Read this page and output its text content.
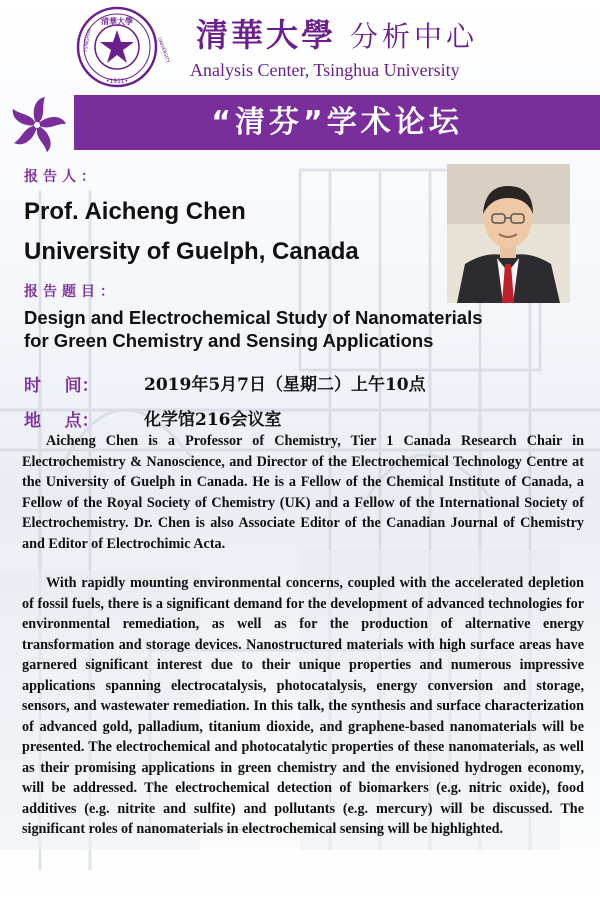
清華大學
TSINGHUA	UNIVERSITY
•1911•
清華大學 分析中心
Analysis Center, Tsinghua University
“清芬”学术论坛
报告人：
Prof. Aicheng Chen
University of Guelph, Canada
报告题目：
Design and Electrochemical Study of Nanomaterials
for Green Chemistry and Sensing Applications
时    间：	2019年5月7日（星期二）上午10点
地    点：	化学馆216会议室

Aicheng Chen is a Professor of Chemistry, Tier 1 Canada Research Chair in Electrochemistry & Nanoscience, and Director of the Electrochemical Technology Centre at the University of Guelph in Canada. He is a Fellow of the Chemical Institute of Canada, a Fellow of the Royal Society of Chemistry (UK) and a Fellow of the International Society of Electrochemistry. Dr. Chen is also Associate Editor of the Canadian Journal of Chemistry and Editor of Electrochimic Acta.

With rapidly mounting environmental concerns, coupled with the accelerated depletion of fossil fuels, there is a significant demand for the development of advanced technologies for environmental remediation, as well as for the production of alternative energy transformation and storage devices. Nanostructured materials with high surface areas have garnered significant interest due to their unique properties and numerous impressive applications spanning electrocatalysis, photocatalysis, energy conversion and storage, sensors, and wastewater remediation. In this talk, the synthesis and surface characterization of advanced gold, palladium, titanium dioxide, and graphene-based nanomaterials will be presented. The electrochemical and photocatalytic properties of these nanomaterials, as well as their promising applications in green chemistry and the envisioned hydrogen economy, will be addressed. The electrochemical detection of biomarkers (e.g. nitric oxide), food additives (e.g. nitrite and sulfite) and pollutants (e.g. mercury) will be discussed. The significant roles of nanomaterials in electrochemical sensing will be highlighted.
